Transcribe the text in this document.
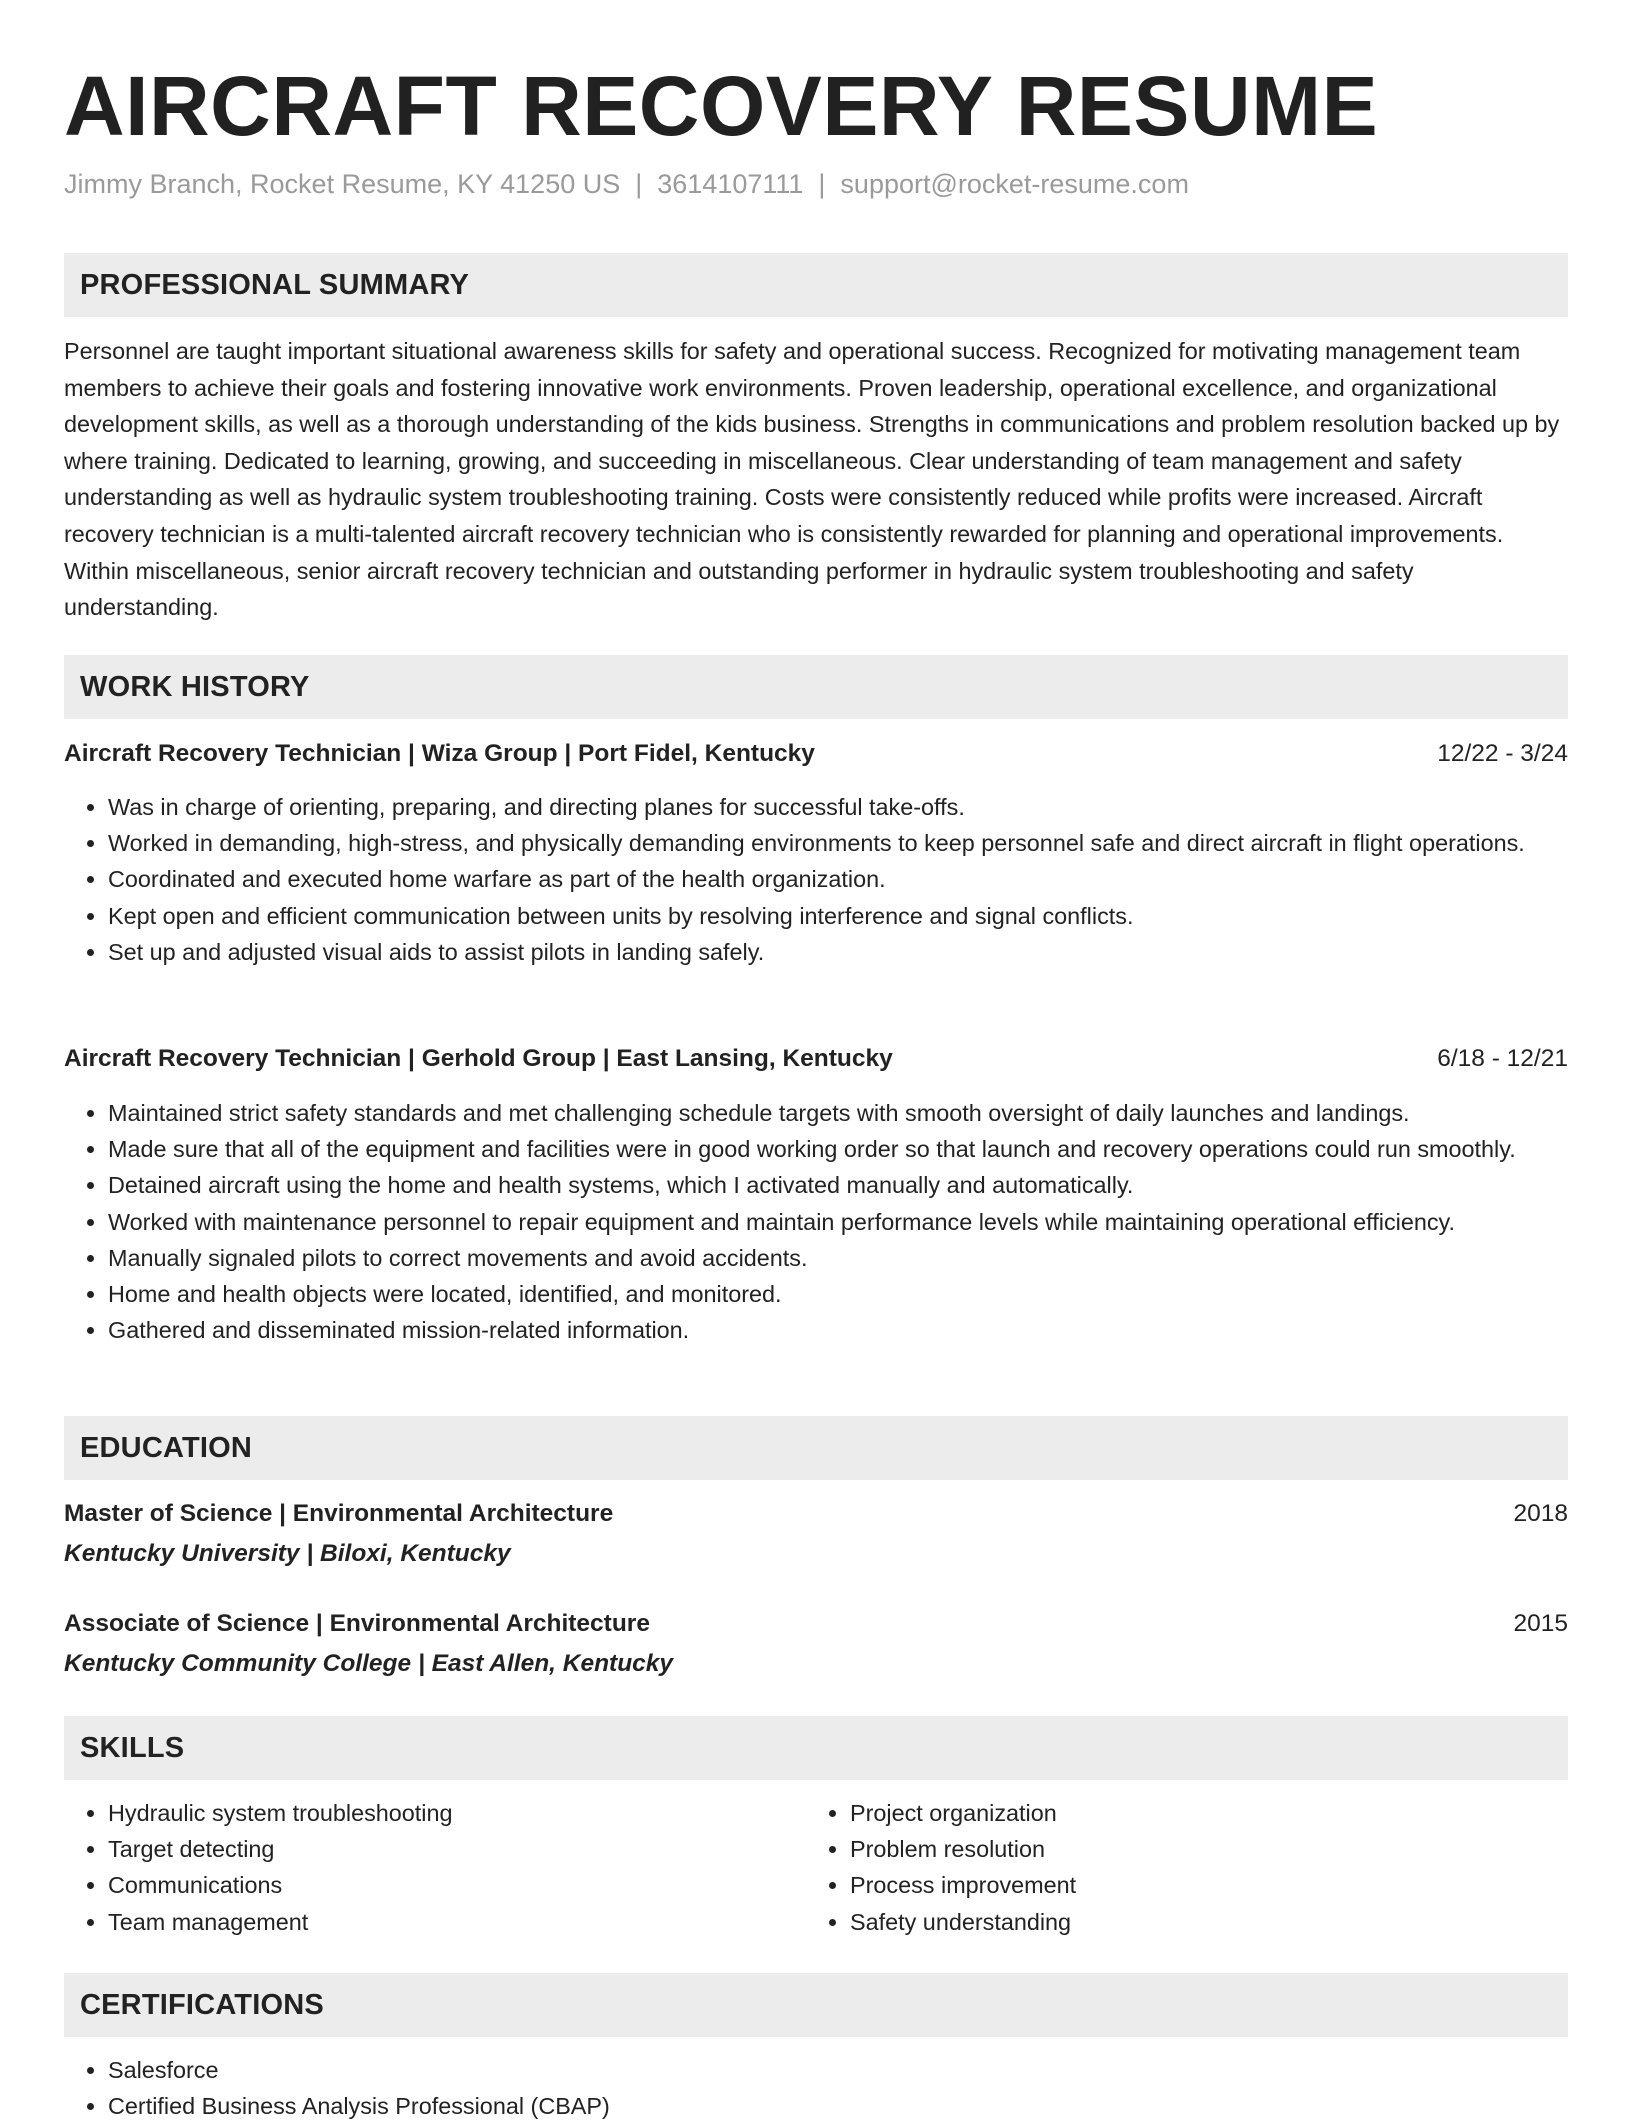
AIRCRAFT RECOVERY RESUME
Jimmy Branch, Rocket Resume, KY 41250 US | 3614107111 | support@rocket-resume.com
PROFESSIONAL SUMMARY

Personnel are taught important situational awareness skills for safety and operational success. Recognized for motivating management team members to achieve their goals and fostering innovative work environments. Proven leadership, operational excellence, and organizational development skills, as well as a thorough understanding of the kids business. Strengths in communications and problem resolution backed up by where training. Dedicated to learning, growing, and succeeding in miscellaneous. Clear understanding of team management and safety understanding as well as hydraulic system troubleshooting training. Costs were consistently reduced while profits were increased. Aircraft recovery technician is a multi-talented aircraft recovery technician who is consistently rewarded for planning and operational improvements. Within miscellaneous, senior aircraft recovery technician and outstanding performer in hydraulic system troubleshooting and safety understanding.

WORK HISTORY
Aircraft Recovery Technician | Wiza Group | Port Fidel, Kentucky	12/22 - 3/24
• Was in charge of orienting, preparing, and directing planes for successful take-offs.
• Worked in demanding, high-stress, and physically demanding environments to keep personnel safe and direct aircraft in flight operations.
• Coordinated and executed home warfare as part of the health organization.
• Kept open and efficient communication between units by resolving interference and signal conflicts.
• Set up and adjusted visual aids to assist pilots in landing safely.
Aircraft Recovery Technician | Gerhold Group | East Lansing, Kentucky	6/18 - 12/21
• Maintained strict safety standards and met challenging schedule targets with smooth oversight of daily launches and landings.
• Made sure that all of the equipment and facilities were in good working order so that launch and recovery operations could run smoothly.
• Detained aircraft using the home and health systems, which I activated manually and automatically.
• Worked with maintenance personnel to repair equipment and maintain performance levels while maintaining operational efficiency.
• Manually signaled pilots to correct movements and avoid accidents.
• Home and health objects were located, identified, and monitored.
• Gathered and disseminated mission-related information.
EDUCATION
Master of Science | Environmental Architecture	2018
Kentucky University | Biloxi, Kentucky
Associate of Science | Environmental Architecture	2015
Kentucky Community College | East Allen, Kentucky
SKILLS
• Hydraulic system troubleshooting
• Target detecting
• Communications
• Team management
• Project organization
• Problem resolution
• Process improvement
• Safety understanding
CERTIFICATIONS
• Salesforce
• Certified Business Analysis Professional (CBAP)
